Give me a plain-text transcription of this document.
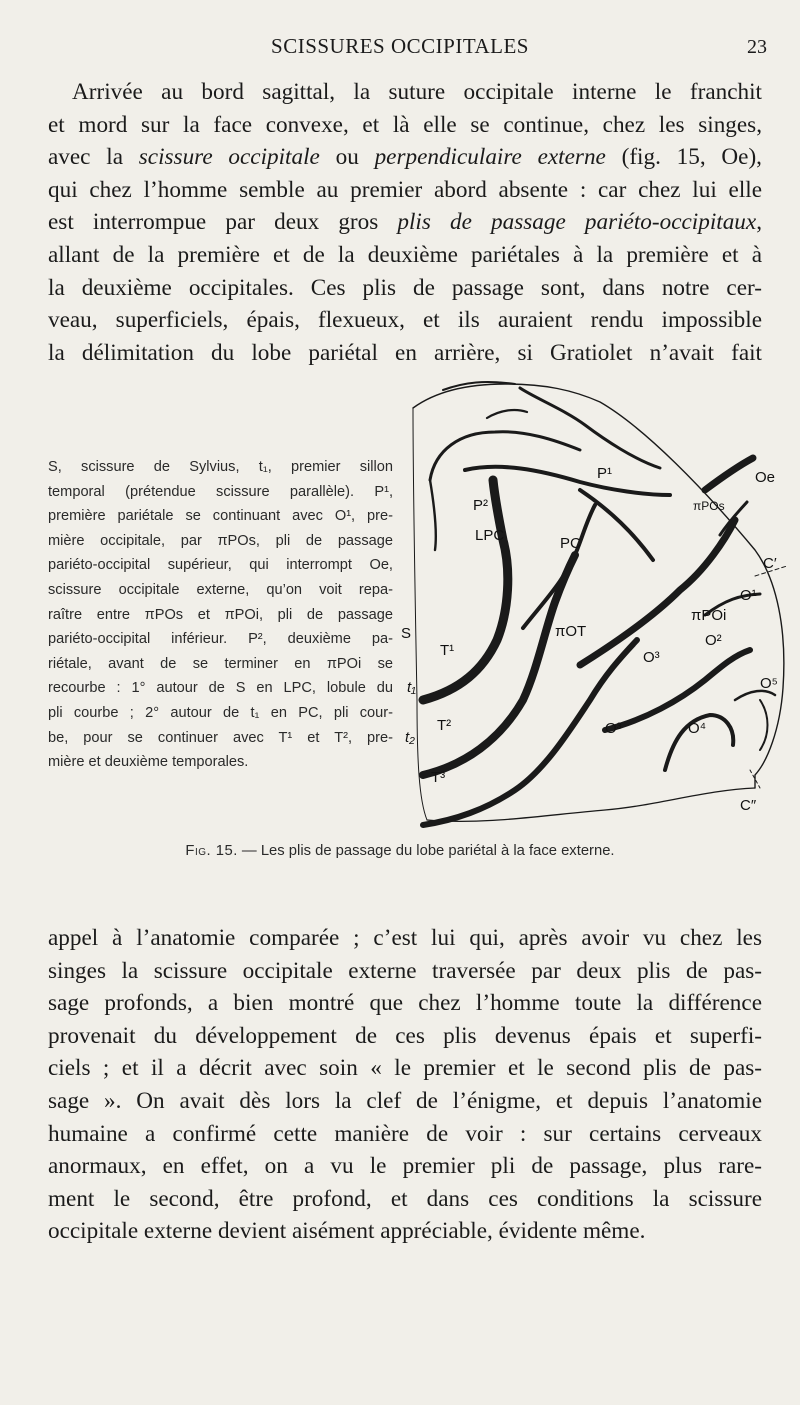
SCISSURES OCCIPITALES	23
Arrivée au bord sagittal, la suture occipitale interne le franchit
et mord sur la face convexe, et là elle se continue, chez les singes,
avec la scissure occipitale ou perpendiculaire externe (fig. 15, Oe),
qui chez l’homme semble au premier abord absente : car chez lui elle
est interrompue par deux gros plis de passage pariéto-occipitaux,
allant de la première et de la deuxième pariétales à la première et à
la deuxième occipitales. Ces plis de passage sont, dans notre cer-
veau, superficiels, épais, flexueux, et ils auraient rendu impossible
la délimitation du lobe pariétal en arrière, si Gratiolet n’avait fait
S, scissure de Sylvius, t₁, premier sillon
temporal (prétendue scissure parallèle). P¹,
première pariétale se continuant avec O¹, pre-
mière occipitale, par πPOs, pli de passage
pariéto-occipital supérieur, qui interrompt Oe,
scissure occipitale externe, qu’on voit repa-
raître entre πPOs et πPOi, pli de passage
pariéto-occipital inférieur. P², deuxième pa-
riétale, avant de se terminer en πPOi se
recourbe : 1° autour de S en LPC, lobule du
pli courbe ; 2° autour de t₁ en PC, pli cour-
be, pour se continuer avec T¹ et T², pre-
mière et deuxième temporales.
P¹
P²
LPC	PC
Oe
πPOs
C′
O¹
πPOi
O²
πOT
O³
O³	O⁴
O⁵
C″
S
T¹
T²
T³
t₁
t₂
Fig. 15. — Les plis de passage du lobe pariétal à la face externe.
appel à l’anatomie comparée ; c’est lui qui, après avoir vu chez les
singes la scissure occipitale externe traversée par deux plis de pas-
sage profonds, a bien montré que chez l’homme toute la différence
provenait du développement de ces plis devenus épais et superfi-
ciels ; et il a décrit avec soin « le premier et le second plis de pas-
sage ». On avait dès lors la clef de l’énigme, et depuis l’anatomie
humaine a confirmé cette manière de voir : sur certains cerveaux
anormaux, en effet, on a vu le premier pli de passage, plus rare-
ment le second, être profond, et dans ces conditions la scissure
occipitale externe devient aisément appréciable, évidente même.
